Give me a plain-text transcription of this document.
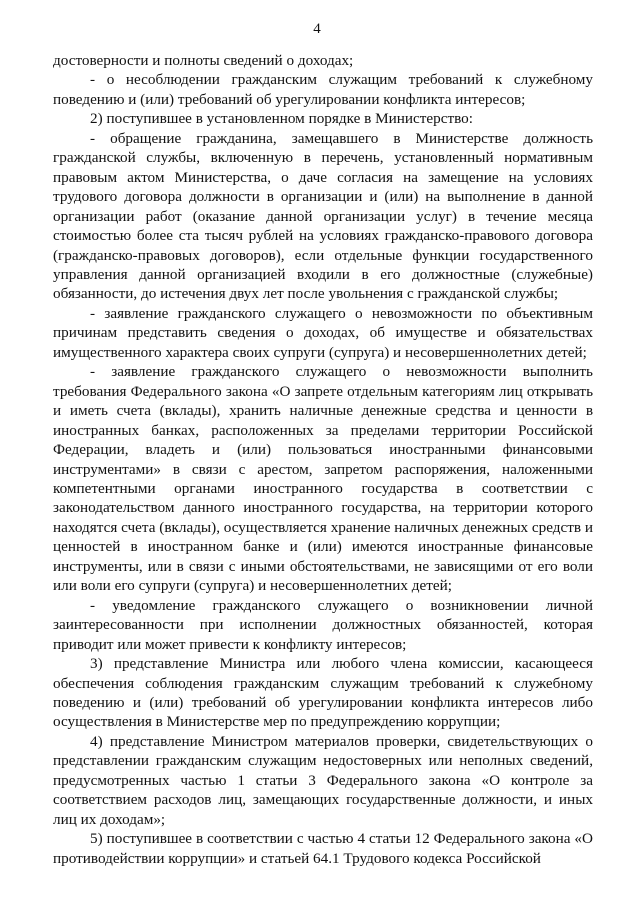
4

достоверности и полноты сведений о доходах;

- о несоблюдении гражданским служащим требований к служебному поведению и (или) требований об урегулировании конфликта интересов;

2) поступившее в установленном порядке в Министерство:

- обращение гражданина, замещавшего в Министерстве должность гражданской службы, включенную в перечень, установленный нормативным правовым актом Министерства, о даче согласия на замещение на условиях трудового договора должности в организации и (или) на выполнение в данной организации работ (оказание данной организации услуг) в течение месяца стоимостью более ста тысяч рублей на условиях гражданско-правового договора (гражданско-правовых договоров), если отдельные функции государственного управления данной организацией входили в его должностные (служебные) обязанности, до истечения двух лет после увольнения с гражданской службы;

- заявление гражданского служащего о невозможности по объективным причинам представить сведения о доходах, об имуществе и обязательствах имущественного характера своих супруги (супруга) и несовершеннолетних детей;

- заявление гражданского служащего о невозможности выполнить требования Федерального закона «О запрете отдельным категориям лиц открывать и иметь счета (вклады), хранить наличные денежные средства и ценности в иностранных банках, расположенных за пределами территории Российской Федерации, владеть и (или) пользоваться иностранными финансовыми инструментами» в связи с арестом, запретом распоряжения, наложенными компетентными органами иностранного государства в соответствии с законодательством данного иностранного государства, на территории которого находятся счета (вклады), осуществляется хранение наличных денежных средств и ценностей в иностранном банке и (или) имеются иностранные финансовые инструменты, или в связи с иными обстоятельствами, не зависящими от его воли или воли его супруги (супруга) и несовершеннолетних детей;

- уведомление гражданского служащего о возникновении личной заинтересованности при исполнении должностных обязанностей, которая приводит или может привести к конфликту интересов;

3) представление Министра или любого члена комиссии, касающееся обеспечения соблюдения гражданским служащим требований к служебному поведению и (или) требований об урегулировании конфликта интересов либо осуществления в Министерстве мер по предупреждению коррупции;

4) представление Министром материалов проверки, свидетельствующих о представлении гражданским служащим недостоверных или неполных сведений, предусмотренных частью 1 статьи 3 Федерального закона «О контроле за соответствием расходов лиц, замещающих государственные должности, и иных лиц их доходам»;

5) поступившее в соответствии с частью 4 статьи 12 Федерального закона «О противодействии коррупции» и статьей 64.1 Трудового кодекса Российской
